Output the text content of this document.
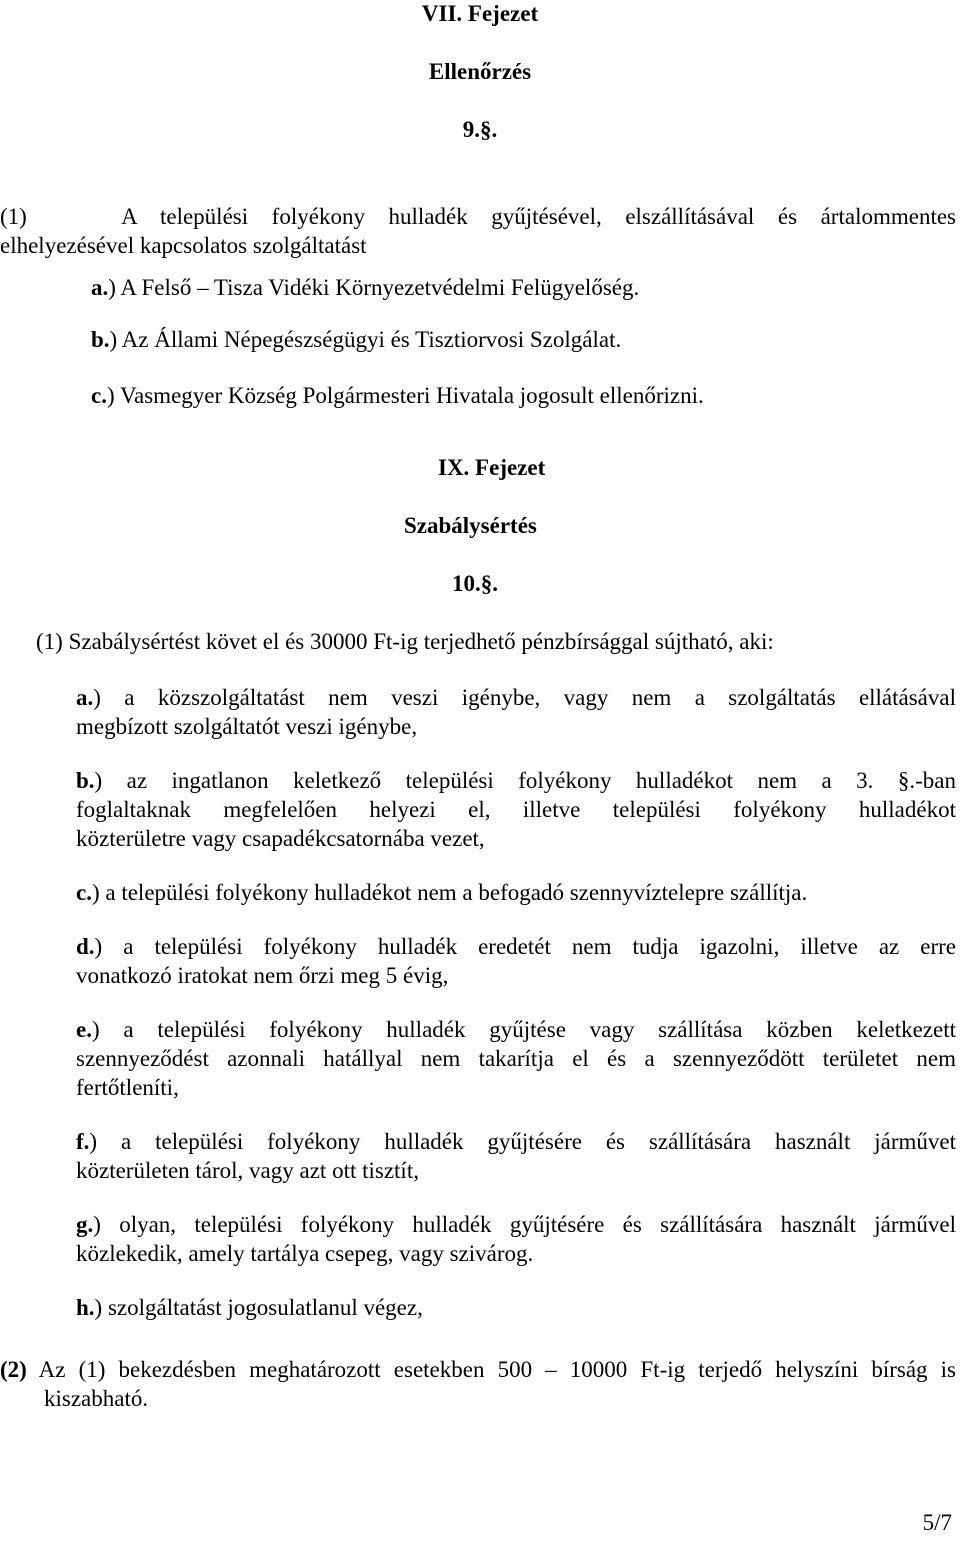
VII. Fejezet
Ellenőrzés
9.§.
(1)	A települési folyékony hulladék gyűjtésével, elszállításával és ártalommentes
elhelyezésével kapcsolatos szolgáltatást
a.) A Felső – Tisza Vidéki Környezetvédelmi Felügyelőség.
b.) Az Állami Népegészségügyi és Tisztiorvosi Szolgálat.
c.) Vasmegyer Község Polgármesteri Hivatala jogosult ellenőrizni.
IX. Fejezet
Szabálysértés
10.§.
(1) Szabálysértést követ el és 30000 Ft-ig terjedhető pénzbírsággal sújtható, aki:
a.) a közszolgáltatást nem veszi igénybe, vagy nem a szolgáltatás ellátásával
megbízott szolgáltatót veszi igénybe,
b.) az ingatlanon keletkező települési folyékony hulladékot nem a 3. §.-ban
foglaltaknak megfelelően helyezi el, illetve települési folyékony hulladékot
közterületre vagy csapadékcsatornába vezet,
c.) a települési folyékony hulladékot nem a befogadó szennyvíztelepre szállítja.
d.) a települési folyékony hulladék eredetét nem tudja igazolni, illetve az erre
vonatkozó iratokat nem őrzi meg 5 évig,
e.) a települési folyékony hulladék gyűjtése vagy szállítása közben keletkezett
szennyeződést azonnali hatállyal nem takarítja el és a szennyeződött területet nem
fertőtleníti,
f.) a települési folyékony hulladék gyűjtésére és szállítására használt járművet
közterületen tárol, vagy azt ott tisztít,
g.) olyan, települési folyékony hulladék gyűjtésére és szállítására használt járművel
közlekedik, amely tartálya csepeg, vagy szivárog.
h.) szolgáltatást jogosulatlanul végez,
(2) Az (1) bekezdésben meghatározott esetekben 500 – 10000 Ft-ig terjedő helyszíni bírság is
kiszabható.
5/7
